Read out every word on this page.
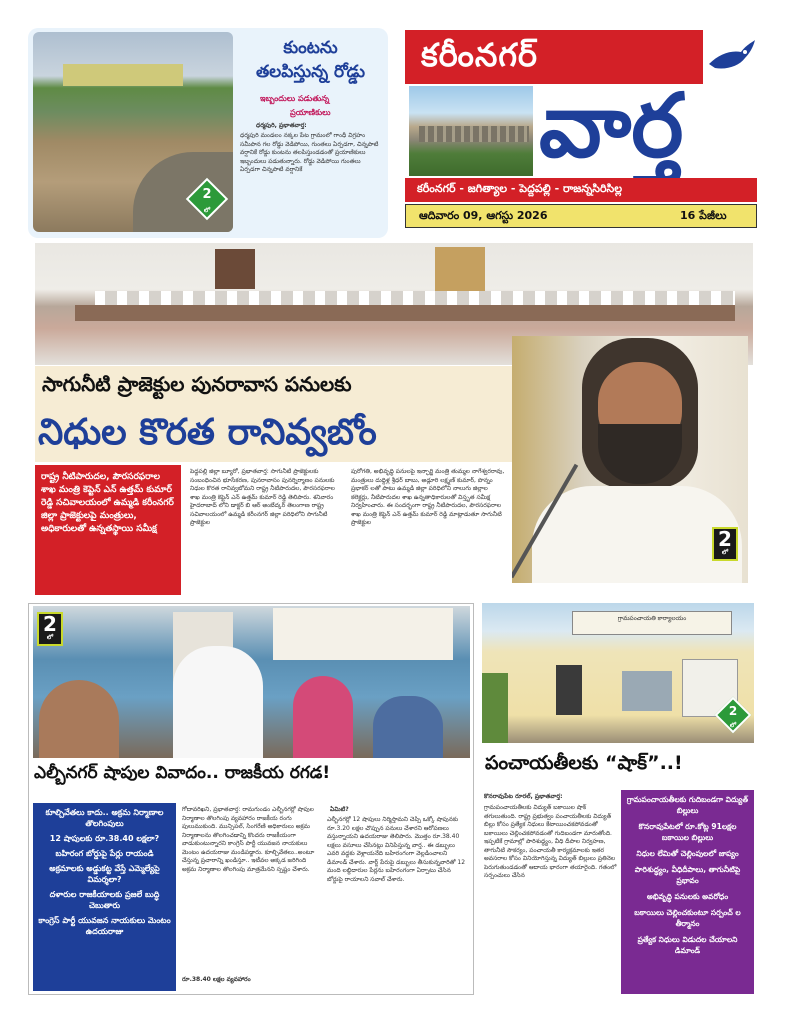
2
లో
కుంటను
తలపిస్తున్న రోడ్డు
ఇబ్బందులు పడుతున్న
ప్రయాణికులు
ధర్మపురి, ప్రభాతవార్త:
ధర్మపురి మండలం నక్కల పేట గ్రామంలో గాంధీ విగ్రహం సమీపాన గల రోడ్డు వెడిపోయి, గుంతలు ఏర్పడగా, చిన్నపాటి వర్షానికే రోడ్డు కుంటను తలపిస్తుండడంతో ప్రయాణికులు ఇబ్బందులు పడుతున్నారు. రోడ్డు వెడిపోయి గుంతలు ఏర్పడగా చిన్నపాటి వర్షానికే
కరీంనగర్
వార్త
కరీంనగర్ - జగిత్యాల - పెద్దపల్లి - రాజన్నసిరిసిల్ల
ఆదివారం 09, ఆగస్టు 2026	16 పేజీలు
2
లో
సాగునీటి ప్రాజెక్టుల పునరావాస పనులకు
నిధుల కొరత రానివ్వబోం
రాష్ట్ర నీటిపారుదల, పౌరసరఫరాల శాఖ మంత్రి కెప్టెన్ ఎన్ ఉత్తమ్ కుమార్ రెడ్డి సచివాలయంలో ఉమ్మడి కరీంనగర్ జిల్లా ప్రాజెక్టులపై మంత్రులు, అధికారులతో ఉన్నతస్థాయి సమీక్ష
పెద్దపల్లి జిల్లా బ్యూరో, ప్రభాతవార్త: సాగునీటి ప్రాజెక్టులకు సంబంధించిన భూసేకరణ, పునరావాసం పునర్నిర్మాణం పనులకు నిధుల కొరత రానివ్వబోమని రాష్ట్ర నీటిపారుదల, పౌరసరఫరాల శాఖ మంత్రి కెప్టెన్ ఎన్ ఉత్తమ్ కుమార్ రెడ్డి తెలిపారు. శనివారం హైదరాబాద్ లోని డాక్టర్ బి ఆర్ అంబేద్కర్ తెలంగాణ రాష్ట్ర సచివాలయంలో ఉమ్మడి కరీంనగర్ జిల్లా పరిధిలోని సాగునీటి ప్రాజెక్టుల
పురోగతి, అభివృద్ధి పనులపై ఇన్ఛార్జి మంత్రి తుమ్మల నాగేశ్వరరావు, మంత్రులు దుద్దిళ్ల శ్రీధర్ బాబు, అడ్లూరి లక్ష్మణ్ కుమార్, పొన్నం ప్రభాకర్ లతో పాటు ఉమ్మడి జిల్లా పరిధిలోని నాలుగు జిల్లాల కలెక్టర్లు, నీటిపారుదల శాఖ ఉన్నతాధికారులతో విస్తృత సమీక్ష నిర్వహించారు. ఈ సందర్భంగా రాష్ట్ర నీటిపారుదల, పౌరసరఫరాల శాఖ మంత్రి కెప్టెన్ ఎన్ ఉత్తమ్ కుమార్ రెడ్డి మాట్లాడుతూ సాగునీటి ప్రాజెక్టుల
2
లో
ఎల్బీనగర్ షాపుల వివాదం.. రాజకీయ రగడ!
కూల్చివేతలు కాదు.. అక్రమ నిర్మాణాల తొలగింపులు
12 షాపులకు రూ.38.40 లక్షలా?
బహిరంగ బోర్డుపై పేర్లు రాయండి
అక్రమాలకు అడ్డుకట్ట వేస్తే ఎమ్మెల్యేపై విమర్శలా?
దళారుల రాజకీయాలకు ప్రజలే బుద్ధి చెబుతారు
కాంగ్రెస్ పార్టీ యువజన నాయకులు మెంటం ఉదయరాజు
గోదావరిఖని, ప్రభాతవార్త: రామగుండం ఎల్బీనగర్లో షాపుల నిర్మాణాల తొలగింపు వ్యవహారం రాజకీయ రంగు పులుముకుంది. మున్సిపల్, సింగరేణి అధికారులు అక్రమ నిర్మాణాలను తొలగించడాన్ని కొందరు రాజకీయంగా వాడుకుంటున్నారని కాంగ్రెస్ పార్టీ యువజన నాయకులు మెంటం ఉదయరాజు మండిపడ్డారు. కూల్చివేతలు..అంటూ చేస్తున్న ప్రచారాన్ని ఖండిస్తూ.. ఇటీవల అక్కడ జరిగింది అక్రమ నిర్మాణాల తొలగింపు మాత్రమేనని స్పష్టం చేశారు.
రూ.38.40 లక్షల వ్యవహారం
ఏమిటి?
ఎల్బీనగర్లో 12 షాపులు నిర్మిస్తామని చెప్పి ఒక్కో షాపునకు రూ.3.20 లక్షల చొప్పున పనులు చేశారని ఆరోపణలు వస్తున్నాయని ఉదయరాజు తెలిపారు. మొత్తం రూ.38.40 లక్షలు వసూలు చేసినట్లు వినిపిస్తున్న వార్త.. ఈ డబ్బులు ఎవరి వద్దకు వెళ్లాయనేది బహిరంగంగా వెల్లడించాలని డిమాండ్ చేశారు. వార్డ్ పేరుపై డబ్బులు తీసుకున్నవారితో 12 మంది లబ్దిదారుల పేర్లను బహిరంగంగా ఏర్పాటు చేసిన బోర్డుపై రాయాలని సవాల్ చేశారు.
గ్రామపంచాయతి కార్యాలయం
2
లో
పంచాయతీలకు “షాక్”..!
కొనరావుపేట రూరల్, ప్రభాతవార్త:
గ్రామపంచాయతీలకు విద్యుత్ బకాయిల షాక్ తగులుతుంది. రాష్ట్ర ప్రభుత్వం పంచాయతీలకు విద్యుత్ బిల్లు కోసం ప్రత్యేక నిధులు కేటాయించకపోవడంతో బకాయిలు చెల్లించకపోవడంతో గుదిబండగా మారుతోంది. ఇప్పటికే గ్రామాల్లో పారిశుద్ధ్యం, వీధి దీపాల నిర్వహణ, తాగునీటి సౌకర్యం, పంచాయతీ కార్యక్రమాలకు ఇతర అవసరాల కోసం వినియోగిస్తున్న విద్యుత్ బిల్లులు ప్రతినెల పెరుగుతుండడంతో ఆదాయ భారంగా తయారైంది. గతంలో సర్పంచులు చేసిన
గ్రామపంచాయతీలకు గుదిబండగా విద్యుత్ బిల్లులు
కొనరావుపేటలో రూ.కోట్ల 91లక్షల బకాయిల బిల్లులు
నిధుల లేమితో చెల్లింపులలో జాప్యం
పారిశుద్ధ్యం, వీధిదీపాలు, తాగునీటిపై ప్రభావం
అభివృద్ధి పనులకు అవరోధం
బకాయిలు చెల్లించకుంటూ సర్పంచ్ ల తీర్మానం
ప్రత్యేక నిధులు విడుదల చేయాలని డిమాండ్
